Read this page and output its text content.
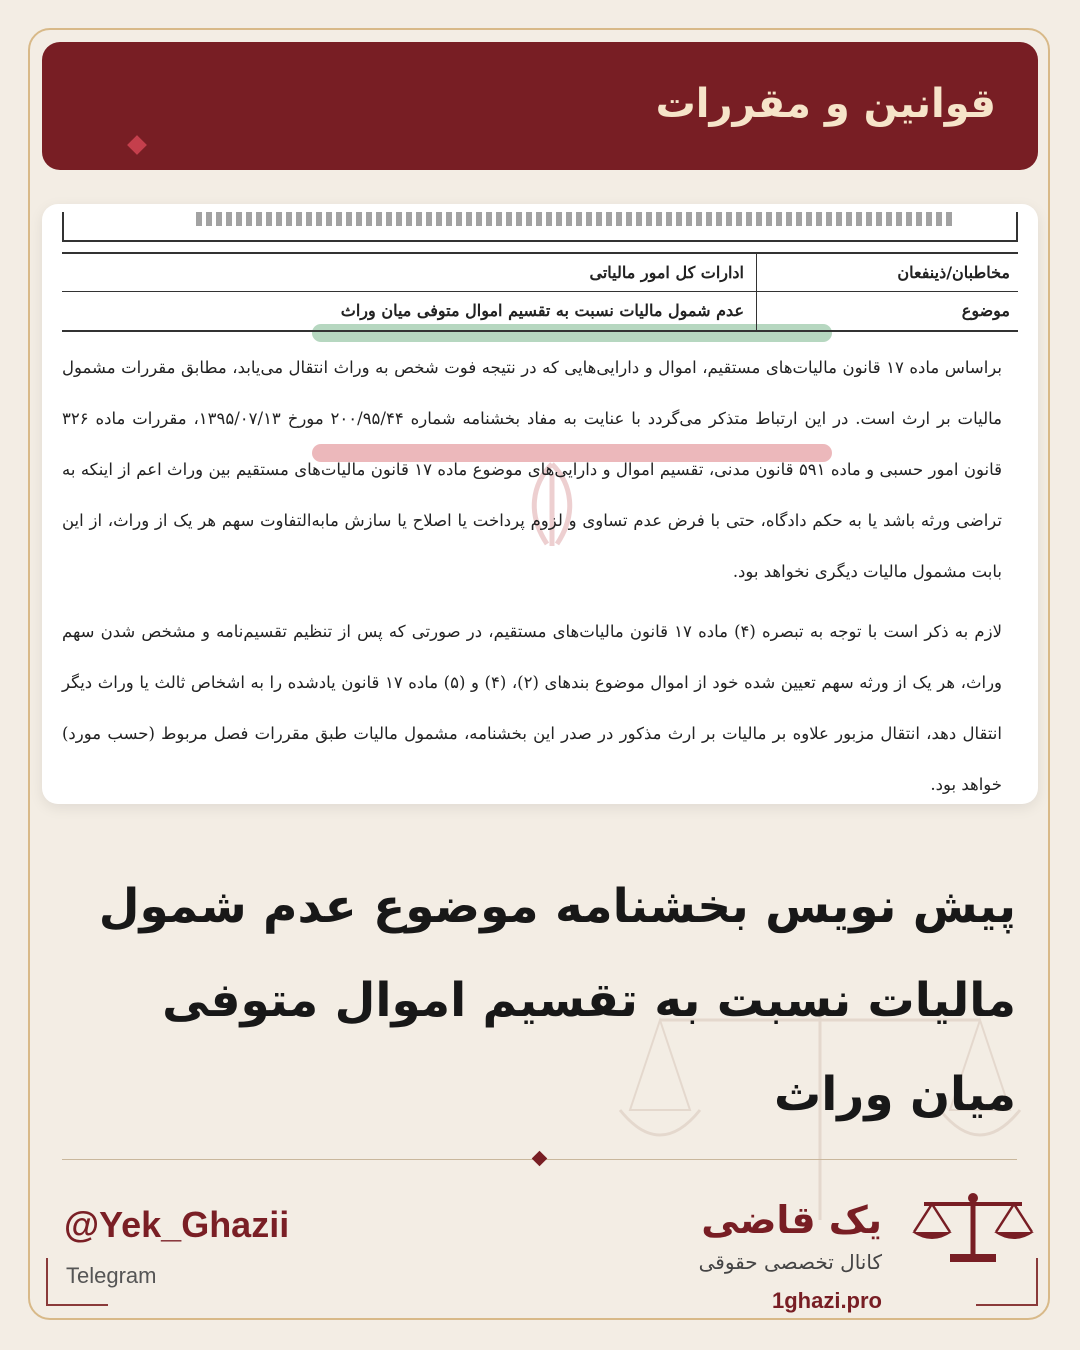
قوانین و مقررات
مخاطبان/ذینفعان
ادارات کل امور مالیاتی
موضوع
عدم شمول مالیات نسبت به تقسیم اموال متوفی میان وراث
براساس ماده ۱۷ قانون مالیات‌های مستقیم، اموال و دارایی‌هایی که در نتیجه فوت شخص به وراث انتقال می‌یابد، مطابق مقررات مشمول مالیات بر ارث است. در این ارتباط متذکر می‌گردد با عنایت به مفاد بخشنامه شماره ۲۰۰/۹۵/۴۴ مورخ ۱۳۹۵/۰۷/۱۳، مقررات ماده ۳۲۶ قانون امور حسبی و ماده ۵۹۱ قانون مدنی، تقسیم اموال و دارایی‌های موضوع ماده ۱۷ قانون مالیات‌های مستقیم بین وراث اعم از اینکه به تراضی ورثه باشد یا به حکم دادگاه، حتی با فرض عدم تساوی و لزوم پرداخت یا اصلاح یا سازش مابه‌التفاوت سهم هر یک از وراث، از این بابت مشمول مالیات دیگری نخواهد بود.
لازم به ذکر است با توجه به تبصره (۴) ماده ۱۷ قانون مالیات‌های مستقیم، در صورتی که پس از تنظیم تقسیم‌نامه و مشخص شدن سهم وراث، هر یک از ورثه سهم تعیین شده خود از اموال موضوع بندهای (۲)، (۴) و (۵) ماده ۱۷ قانون یادشده را به اشخاص ثالث یا وراث دیگر انتقال دهد، انتقال مزبور علاوه بر مالیات بر ارث مذکور در صدر این بخشنامه، مشمول مالیات طبق مقررات فصل مربوط (حسب مورد) خواهد بود.
پیش نویس بخشنامه موضوع عدم شمول مالیات نسبت به تقسیم اموال متوفی میان وراث
@Yek_Ghazii
Telegram
یک قاضی
کانال تخصصی حقوقی
1ghazi.pro
